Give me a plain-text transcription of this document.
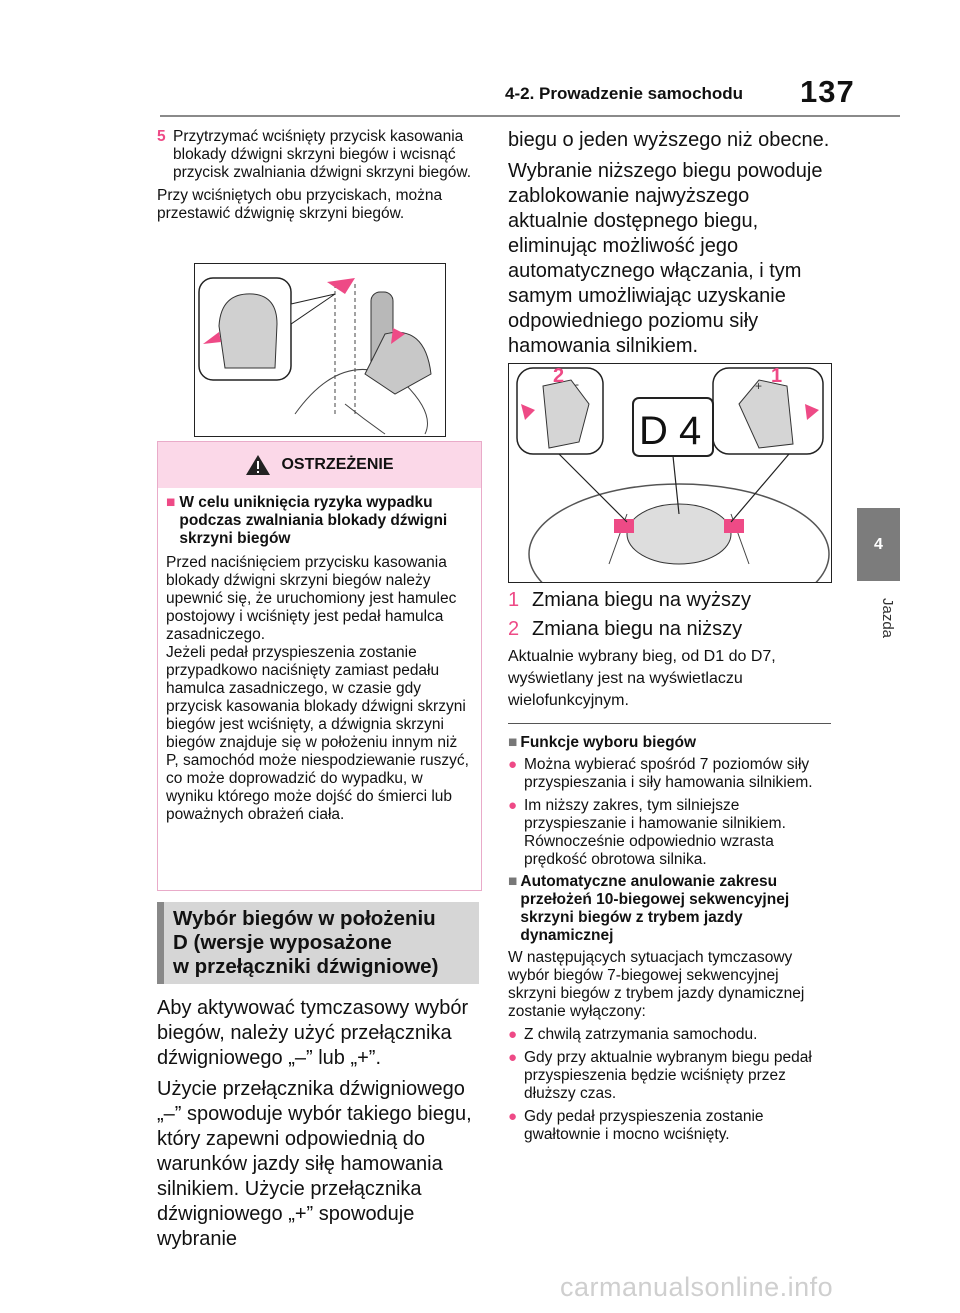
4-2. Prowadzenie samochodu 137
4
Jazda
5 Przytrzymać wciśnięty przycisk kasowania blokady dźwigni skrzyni biegów i wcisnąć przycisk zwalniania dźwigni skrzyni biegów.
Przy wciśniętych obu przyciskach, można przestawić dźwignię skrzyni biegów.
OSTRZEŻENIE
■ W celu uniknięcia ryzyka wypadku podczas zwalniania blokady dźwigni skrzyni biegów
Przed naciśnięciem przycisku kasowania blokady dźwigni skrzyni biegów należy upewnić się, że uruchomiony jest hamulec postojowy i wciśnięty jest pedał hamulca zasadniczego.
Jeżeli pedał przyspieszenia zostanie przypadkowo naciśnięty zamiast pedału hamulca zasadniczego, w czasie gdy przycisk kasowania blokady dźwigni skrzyni biegów jest wciśnięty, a dźwignia skrzyni biegów znajduje się w położeniu innym niż P, samochód może niespodziewanie ruszyć, co może doprowadzić do wypadku, w wyniku którego może dojść do śmierci lub poważnych obrażeń ciała.
Wybór biegów w położeniu
D (wersje wyposażone
w przełączniki dźwigniowe)
Aby aktywować tymczasowy wybór biegów, należy użyć przełącznika dźwigniowego „–” lub „+”.
Użycie przełącznika dźwigniowego „–” spowoduje wybór takiego biegu, który zapewni odpowiednią do warunków jazdy siłę hamowania silnikiem. Użycie przełącznika dźwigniowego „+” spowoduje wybranie
biegu o jeden wyższego niż obecne.
Wybranie niższego biegu powoduje zablokowanie najwyższego aktualnie dostępnego biegu, eliminując możliwość jego automatycznego włączania, i tym samym umożliwiając uzyskanie odpowiedniego poziomu siły hamowania silnikiem.
2 -	1
+
D 4
1 Zmiana biegu na wyższy
2 Zmiana biegu na niższy
Aktualnie wybrany bieg, od D1 do D7, wyświetlany jest na wyświetlaczu wielofunkcyjnym.
■ Funkcje wyboru biegów
● Można wybierać spośród 7 poziomów siły przyspieszania i siły hamowania silnikiem.
● Im niższy zakres, tym silniejsze przyspieszanie i hamowanie silnikiem. Równocześnie odpowiednio wzrasta prędkość obrotowa silnika.
■ Automatyczne anulowanie zakresu przełożeń 10-biegowej sekwencyjnej skrzyni biegów z trybem jazdy dynamicznej
W następujących sytuacjach tymczasowy wybór biegów 7-biegowej sekwencyjnej skrzyni biegów z trybem jazdy dynamicznej zostanie wyłączony:
● Z chwilą zatrzymania samochodu.
● Gdy przy aktualnie wybranym biegu pedał przyspieszenia będzie wciśnięty przez dłuższy czas.
● Gdy pedał przyspieszenia zostanie gwałtownie i mocno wciśnięty.
carmanualsonline.info
